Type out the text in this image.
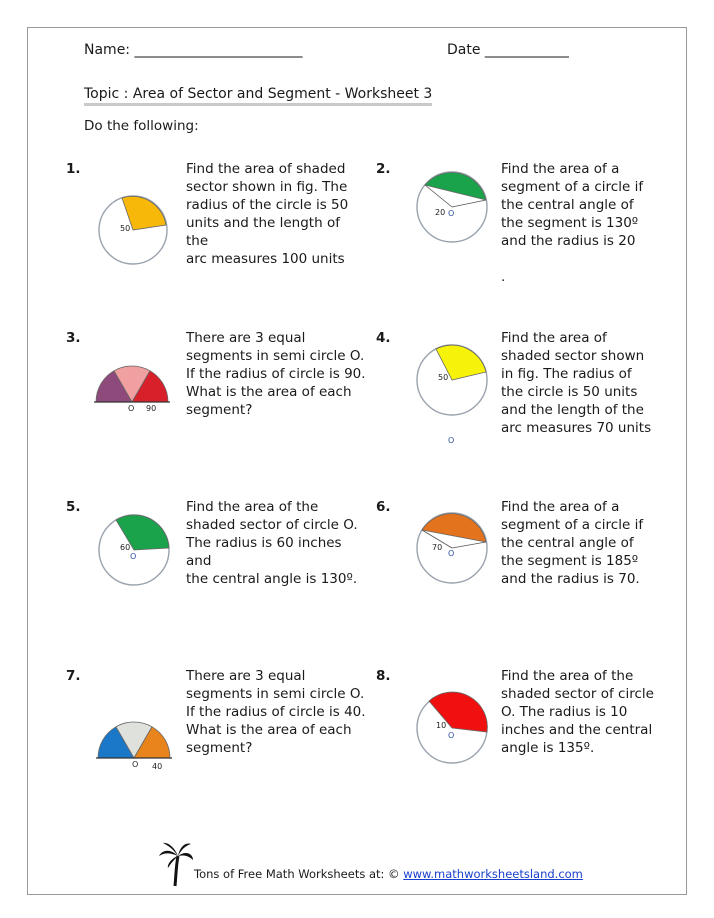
Name: ________________________	Date ____________
Topic : Area of Sector and Segment - Worksheet 3
Do the following:
1.	Find the area of shaded
sector shown in fig. The
radius of the circle is 50
units and the length of the
arc measures 100 units
50
2.	Find the area of a
segment of a circle if
the central angle of
the segment is 130º
and the radius is 20

.
20 O
3.	There are 3 equal
segments in semi circle O.
If the radius of circle is 90.
What is the area of each
segment?
O 90
4.	Find the area of
shaded sector shown
in fig. The radius of
the circle is 50 units
and the length of the
arc measures 70 units
50
O
5.	Find the area of the
shaded sector of circle O.
The radius is 60 inches and
the central angle is 130º.
60
O
6.	Find the area of a
segment of a circle if
the central angle of
the segment is 185º
and the radius is 70.
70
O
7.	There are 3 equal
segments in semi circle O.
If the radius of circle is 40.
What is the area of each
segment?
O 40
8.	Find the area of the
shaded sector of circle
O. The radius is 10
inches and the central
angle is 135º.
10
O
Tons of Free Math Worksheets at: © www.mathworksheetsland.com
